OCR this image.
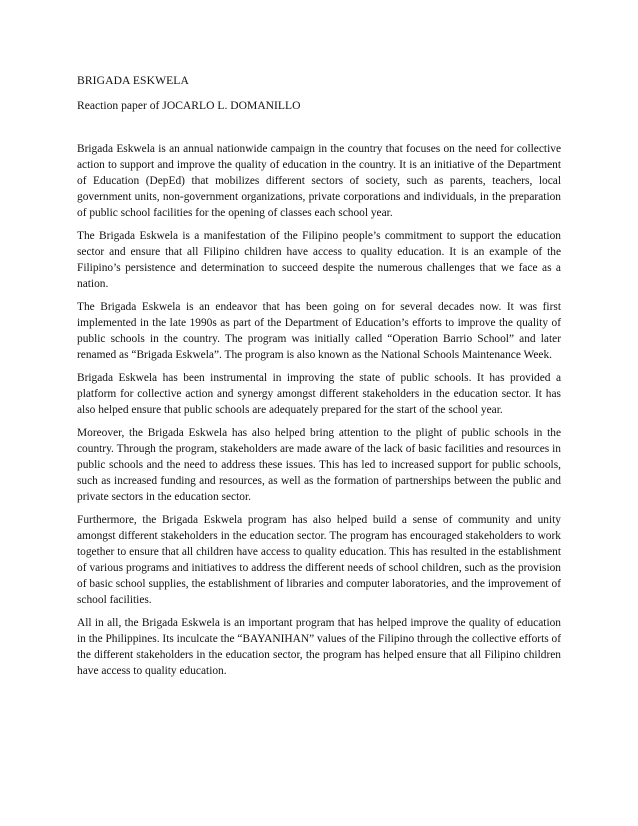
BRIGADA ESKWELA

Reaction paper of JOCARLO L. DOMANILLO

Brigada Eskwela is an annual nationwide campaign in the country that focuses on the need for collective action to support and improve the quality of education in the country. It is an initiative of the Department of Education (DepEd) that mobilizes different sectors of society, such as parents, teachers, local government units, non-government organizations, private corporations and individuals, in the preparation of public school facilities for the opening of classes each school year.

The Brigada Eskwela is a manifestation of the Filipino people’s commitment to support the education sector and ensure that all Filipino children have access to quality education. It is an example of the Filipino’s persistence and determination to succeed despite the numerous challenges that we face as a nation.

The Brigada Eskwela is an endeavor that has been going on for several decades now. It was first implemented in the late 1990s as part of the Department of Education’s efforts to improve the quality of public schools in the country. The program was initially called “Operation Barrio School” and later renamed as “Brigada Eskwela”. The program is also known as the National Schools Maintenance Week.

Brigada Eskwela has been instrumental in improving the state of public schools. It has provided a platform for collective action and synergy amongst different stakeholders in the education sector. It has also helped ensure that public schools are adequately prepared for the start of the school year.

Moreover, the Brigada Eskwela has also helped bring attention to the plight of public schools in the country. Through the program, stakeholders are made aware of the lack of basic facilities and resources in public schools and the need to address these issues. This has led to increased support for public schools, such as increased funding and resources, as well as the formation of partnerships between the public and private sectors in the education sector.

Furthermore, the Brigada Eskwela program has also helped build a sense of community and unity amongst different stakeholders in the education sector. The program has encouraged stakeholders to work together to ensure that all children have access to quality education. This has resulted in the establishment of various programs and initiatives to address the different needs of school children, such as the provision of basic school supplies, the establishment of libraries and computer laboratories, and the improvement of school facilities.

All in all, the Brigada Eskwela is an important program that has helped improve the quality of education in the Philippines. Its inculcate the “BAYANIHAN” values of the Filipino through the collective efforts of the different stakeholders in the education sector, the program has helped ensure that all Filipino children have access to quality education.
